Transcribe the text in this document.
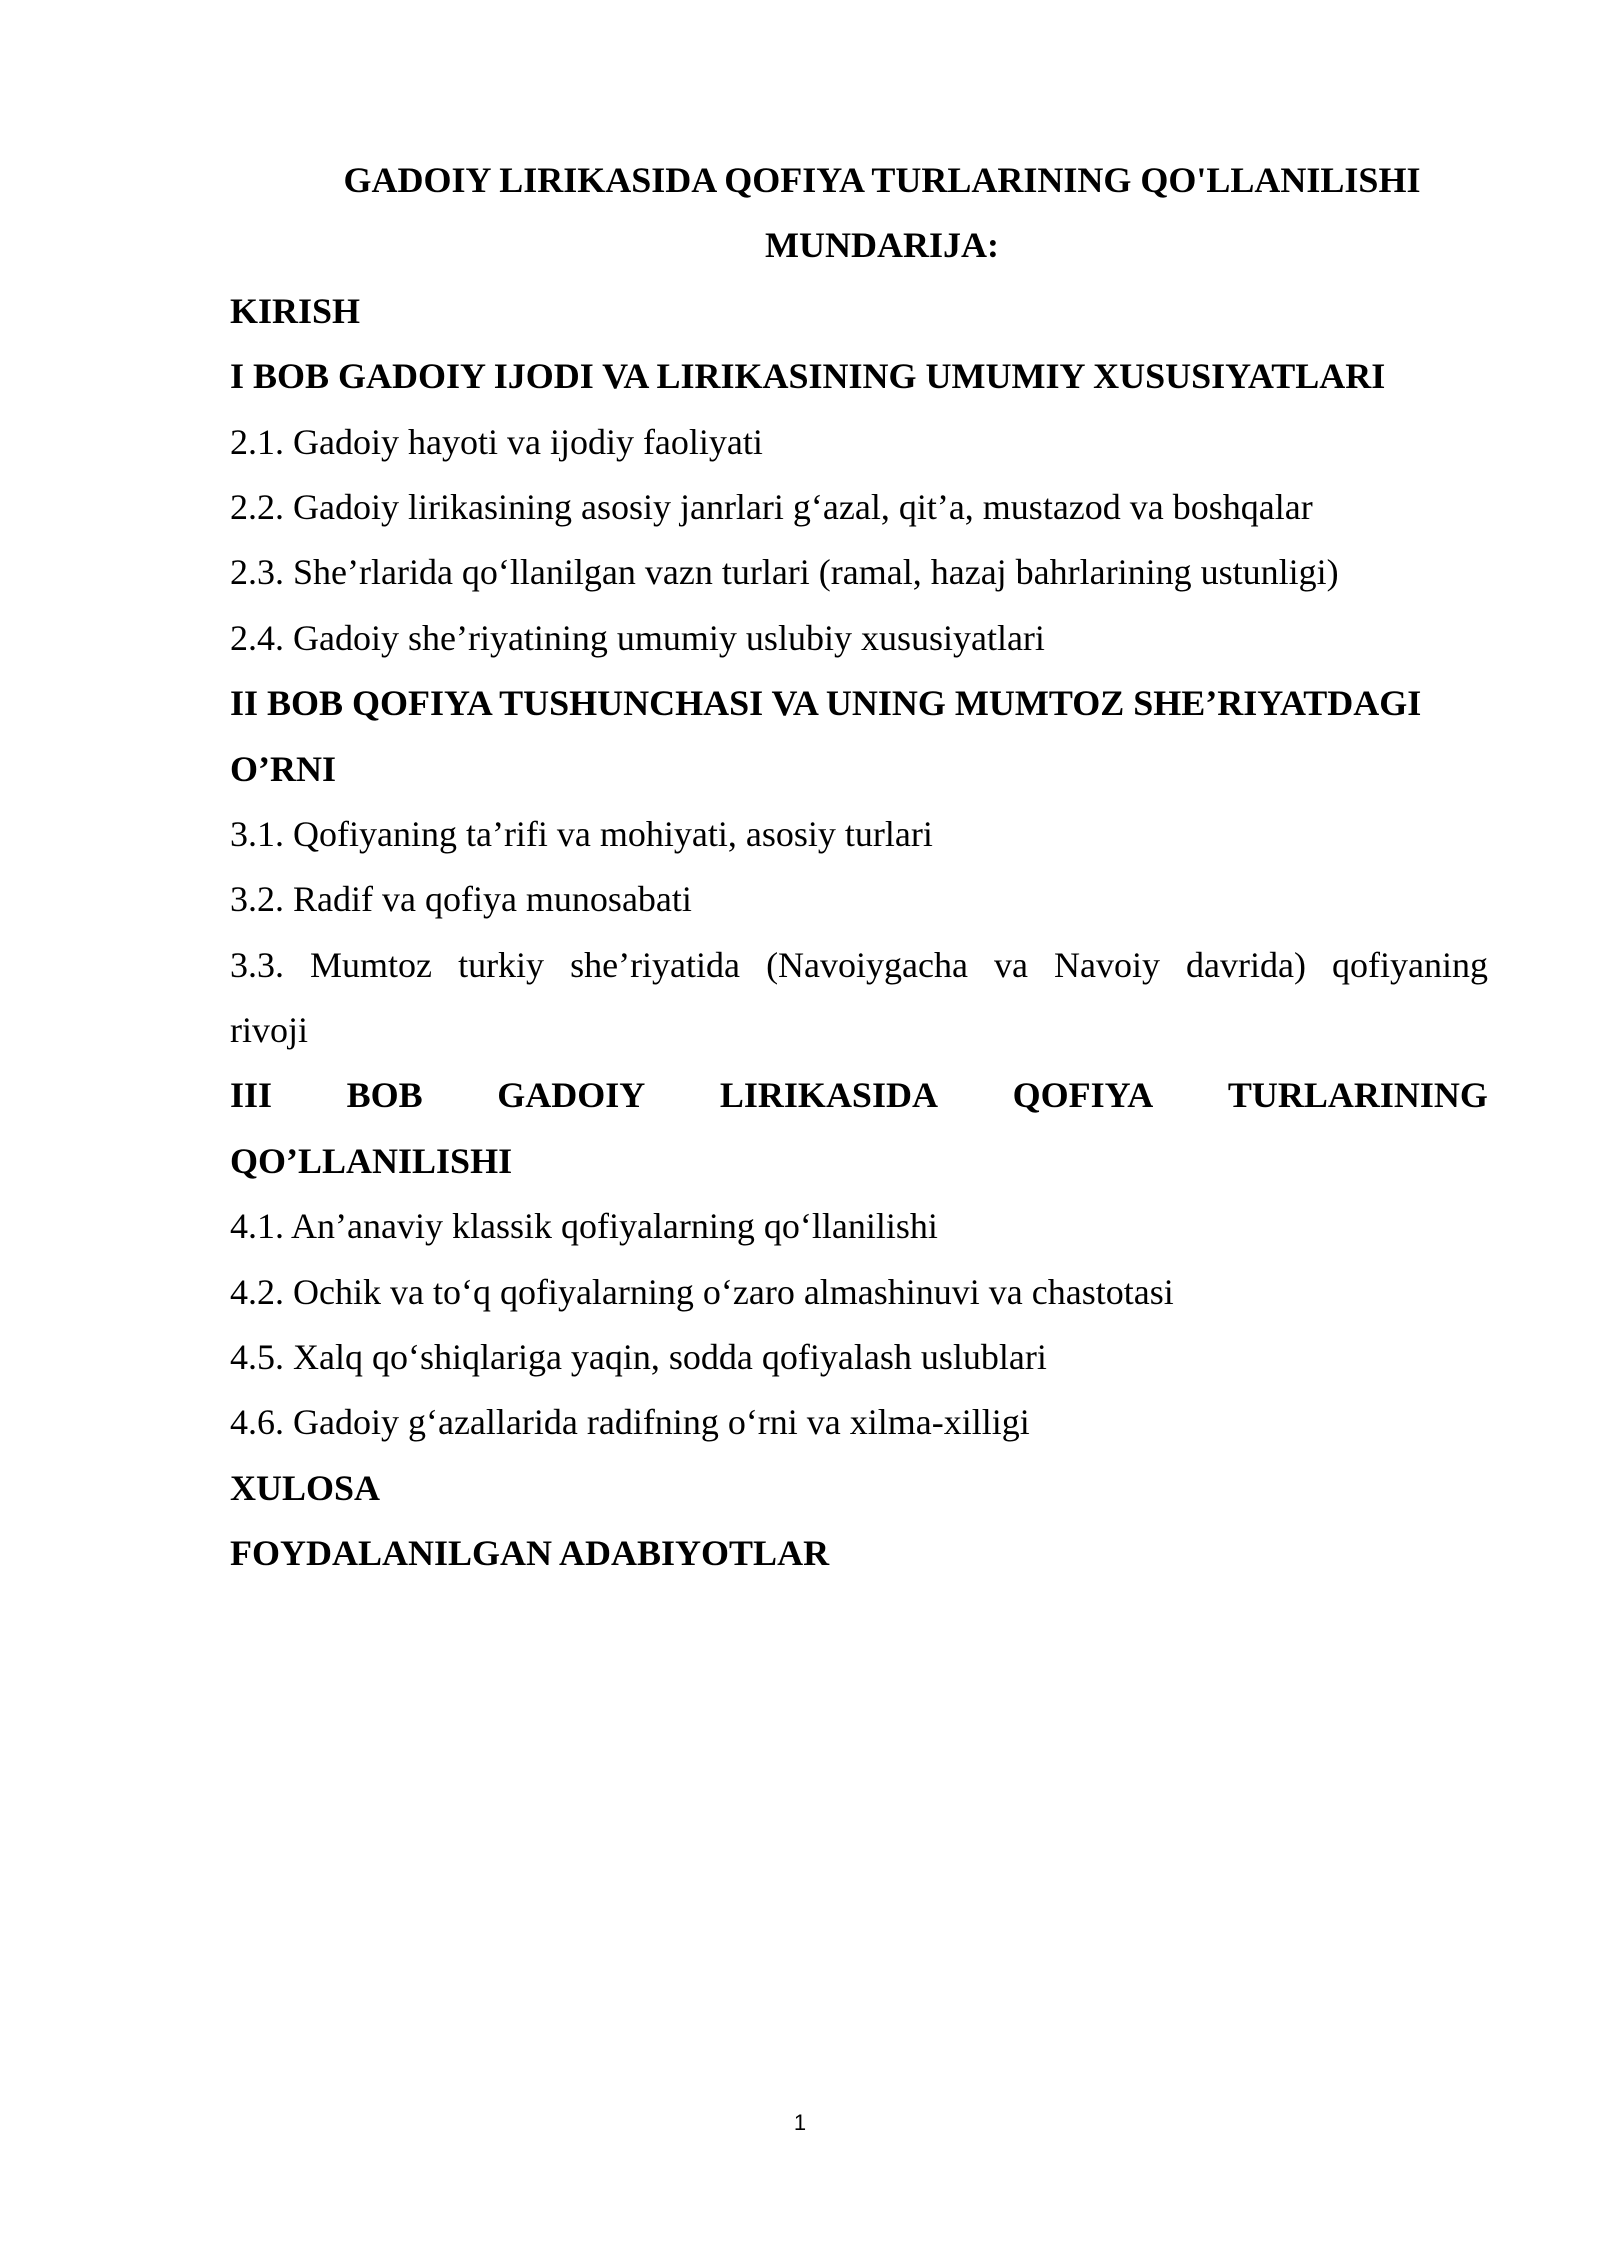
GADOIY LIRIKASIDA QOFIYA TURLARINING QO'LLANILISHI

MUNDARIJA:

KIRISH

I BOB GADOIY IJODI VA LIRIKASINING UMUMIY XUSUSIYATLARI

2.1. Gadoiy hayoti va ijodiy faoliyati

2.2. Gadoiy lirikasining asosiy janrlari g‘azal, qit’a, mustazod va boshqalar

2.3. She’rlarida qo‘llanilgan vazn turlari (ramal, hazaj bahrlarining ustunligi)

2.4. Gadoiy she’riyatining umumiy uslubiy xususiyatlari

II BOB QOFIYA TUSHUNCHASI VA UNING MUMTOZ SHE’RIYATDAGI

O’RNI

3.1. Qofiyaning ta’rifi va mohiyati, asosiy turlari

3.2. Radif va qofiya munosabati

3.3. Mumtoz turkiy she’riyatida (Navoiygacha va Navoiy davrida) qofiyaning

rivoji

III BOB GADOIY LIRIKASIDA QOFIYA TURLARINING

QO’LLANILISHI

4.1. An’anaviy klassik qofiyalarning qo‘llanilishi

4.2. Ochik va to‘q qofiyalarning o‘zaro almashinuvi va chastotasi

4.5. Xalq qo‘shiqlariga yaqin, sodda qofiyalash uslublari

4.6. Gadoiy g‘azallarida radifning o‘rni va xilma-xilligi

XULOSA

FOYDALANILGAN ADABIYOTLAR

1
